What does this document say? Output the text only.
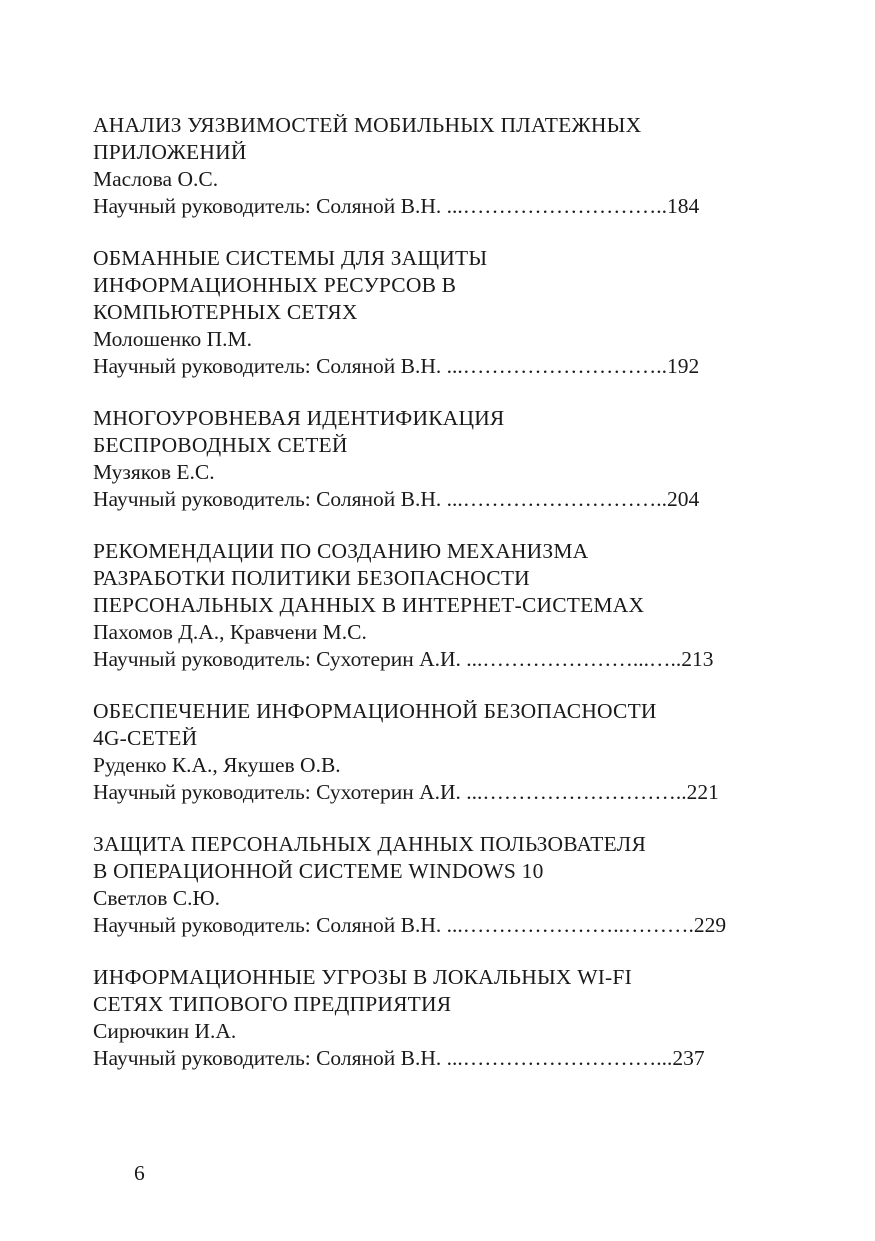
АНАЛИЗ УЯЗВИМОСТЕЙ МОБИЛЬНЫХ ПЛАТЕЖНЫХ
ПРИЛОЖЕНИЙ
Маслова О.С.
Научный руководитель: Соляной В.Н. ...………………………..184
ОБМАННЫЕ СИСТЕМЫ ДЛЯ ЗАЩИТЫ
ИНФОРМАЦИОННЫХ РЕСУРСОВ В
КОМПЬЮТЕРНЫХ СЕТЯХ
Молошенко П.М.
Научный руководитель: Соляной В.Н. ...………………………..192
МНОГОУРОВНЕВАЯ ИДЕНТИФИКАЦИЯ
БЕСПРОВОДНЫХ СЕТЕЙ
Музяков Е.С.
Научный руководитель: Соляной В.Н. ...………………………..204
РЕКОМЕНДАЦИИ ПО СОЗДАНИЮ МЕХАНИЗМА
РАЗРАБОТКИ ПОЛИТИКИ БЕЗОПАСНОСТИ
ПЕРСОНАЛЬНЫХ ДАННЫХ В ИНТЕРНЕТ-СИСТЕМАХ
Пахомов Д.А., Кравчени М.С.
Научный руководитель: Сухотерин А.И. ...…………………...…..213
ОБЕСПЕЧЕНИЕ ИНФОРМАЦИОННОЙ БЕЗОПАСНОСТИ
4G-СЕТЕЙ
Руденко К.А., Якушев О.В.
Научный руководитель: Сухотерин А.И. ...………………………..221
ЗАЩИТА ПЕРСОНАЛЬНЫХ ДАННЫХ ПОЛЬЗОВАТЕЛЯ
В ОПЕРАЦИОННОЙ СИСТЕМЕ WINDOWS 10
Светлов С.Ю.
Научный руководитель: Соляной В.Н. ...…………………..……….229
ИНФОРМАЦИОННЫЕ УГРОЗЫ В ЛОКАЛЬНЫХ WI-FI
СЕТЯХ ТИПОВОГО ПРЕДПРИЯТИЯ
Сирючкин И.А.
Научный руководитель: Соляной В.Н. ...………………………...237
6
